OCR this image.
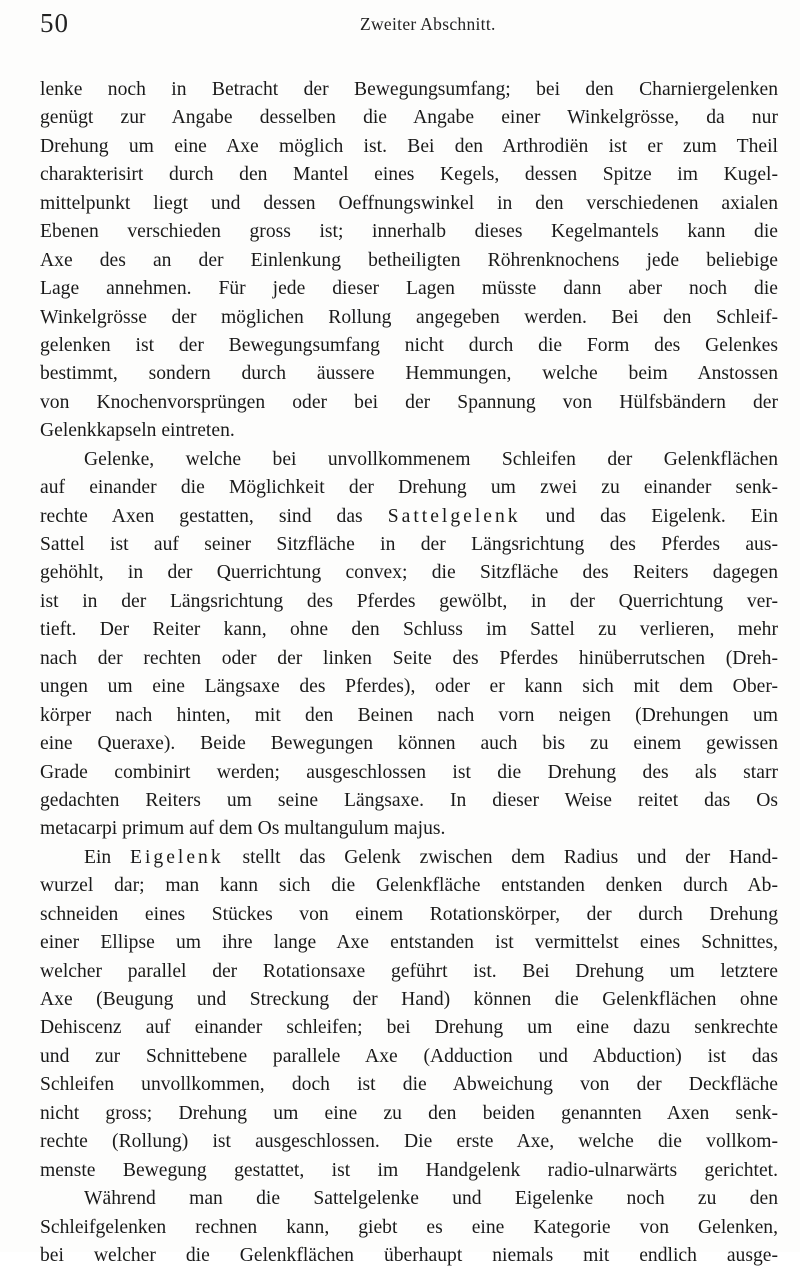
50	Zweiter Abschnitt.
lenke noch in Betracht der Bewegungsumfang; bei den Charniergelenken
genügt zur Angabe desselben die Angabe einer Winkelgrösse, da nur
Drehung um eine Axe möglich ist. Bei den Arthrodiën ist er zum Theil
charakterisirt durch den Mantel eines Kegels, dessen Spitze im Kugel-
mittelpunkt liegt und dessen Oeffnungswinkel in den verschiedenen axialen
Ebenen verschieden gross ist; innerhalb dieses Kegelmantels kann die
Axe des an der Einlenkung betheiligten Röhrenknochens jede beliebige
Lage annehmen. Für jede dieser Lagen müsste dann aber noch die
Winkelgrösse der möglichen Rollung angegeben werden. Bei den Schleif-
gelenken ist der Bewegungsumfang nicht durch die Form des Gelenkes
bestimmt, sondern durch äussere Hemmungen, welche beim Anstossen
von Knochenvorsprüngen oder bei der Spannung von Hülfsbändern der
Gelenkkapseln eintreten.
Gelenke, welche bei unvollkommenem Schleifen der Gelenkflächen
auf einander die Möglichkeit der Drehung um zwei zu einander senk-
rechte Axen gestatten, sind das Sattelgelenk und das Eigelenk. Ein
Sattel ist auf seiner Sitzfläche in der Längsrichtung des Pferdes aus-
gehöhlt, in der Querrichtung convex; die Sitzfläche des Reiters dagegen
ist in der Längsrichtung des Pferdes gewölbt, in der Querrichtung ver-
tieft. Der Reiter kann, ohne den Schluss im Sattel zu verlieren, mehr
nach der rechten oder der linken Seite des Pferdes hinüberrutschen (Dreh-
ungen um eine Längsaxe des Pferdes), oder er kann sich mit dem Ober-
körper nach hinten, mit den Beinen nach vorn neigen (Drehungen um
eine Queraxe). Beide Bewegungen können auch bis zu einem gewissen
Grade combinirt werden; ausgeschlossen ist die Drehung des als starr
gedachten Reiters um seine Längsaxe. In dieser Weise reitet das Os
metacarpi primum auf dem Os multangulum majus.
Ein Eigelenk stellt das Gelenk zwischen dem Radius und der Hand-
wurzel dar; man kann sich die Gelenkfläche entstanden denken durch Ab-
schneiden eines Stückes von einem Rotationskörper, der durch Drehung
einer Ellipse um ihre lange Axe entstanden ist vermittelst eines Schnittes,
welcher parallel der Rotationsaxe geführt ist. Bei Drehung um letztere
Axe (Beugung und Streckung der Hand) können die Gelenkflächen ohne
Dehiscenz auf einander schleifen; bei Drehung um eine dazu senkrechte
und zur Schnittebene parallele Axe (Adduction und Abduction) ist das
Schleifen unvollkommen, doch ist die Abweichung von der Deckfläche
nicht gross; Drehung um eine zu den beiden genannten Axen senk-
rechte (Rollung) ist ausgeschlossen. Die erste Axe, welche die vollkom-
menste Bewegung gestattet, ist im Handgelenk radio-ulnarwärts gerichtet.
Während man die Sattelgelenke und Eigelenke noch zu den
Schleifgelenken rechnen kann, giebt es eine Kategorie von Gelenken,
bei welcher die Gelenkflächen überhaupt niemals mit endlich ausge-
